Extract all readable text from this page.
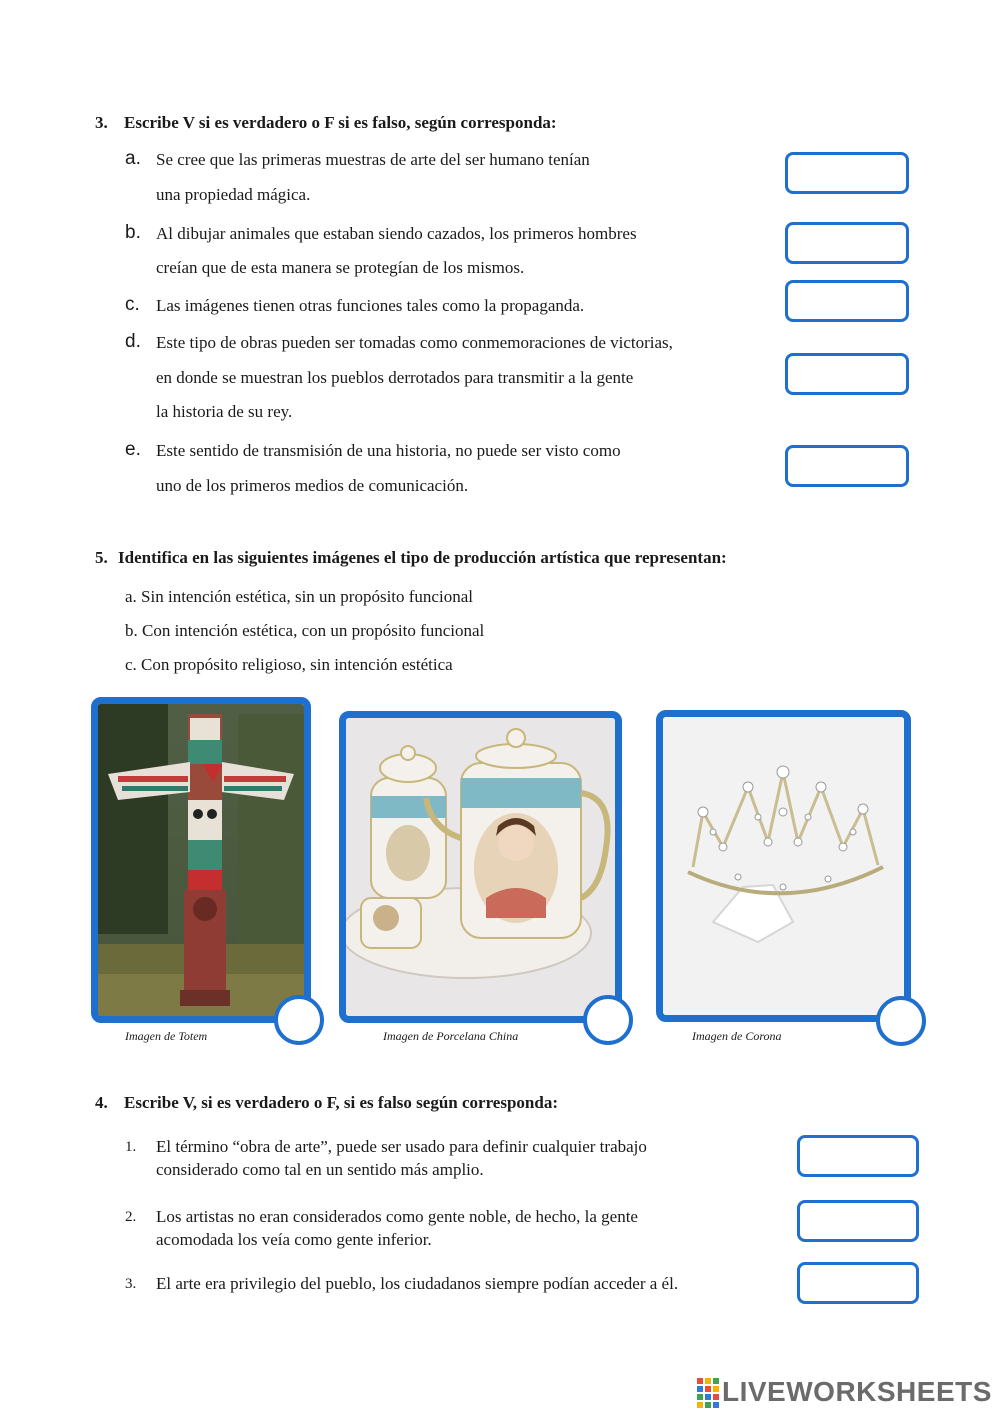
3. Escribe V si es verdadero o F si es falso, según corresponda:
a. Se cree que las primeras muestras de arte del ser humano tenían
una propiedad mágica.
b. Al dibujar animales que estaban siendo cazados, los primeros hombres
creían que de esta manera se protegían de los mismos.
c. Las imágenes tienen otras funciones tales como la propaganda.
d. Este tipo de obras pueden ser tomadas como conmemoraciones de victorias,
en donde se muestran los pueblos derrotados para transmitir a la gente
la historia de su rey.
e. Este sentido de transmisión de una historia, no puede ser visto como
uno de los primeros medios de comunicación.
5. Identifica en las siguientes imágenes el tipo de producción artística que representan:
a. Sin intención estética, sin un propósito funcional
b. Con intención estética, con un propósito funcional
c. Con propósito religioso, sin intención estética
Imagen de Totem	Imagen de Porcelana China	Imagen de Corona
4. Escribe V, si es verdadero o F, si es falso según corresponda:
1. El término “obra de arte”, puede ser usado para definir cualquier trabajo
considerado como tal en un sentido más amplio.
2. Los artistas no eran considerados como gente noble, de hecho, la gente
acomodada los veía como gente inferior.
3. El arte era privilegio del pueblo, los ciudadanos siempre podían acceder a él.
LIVEWORKSHEETS
